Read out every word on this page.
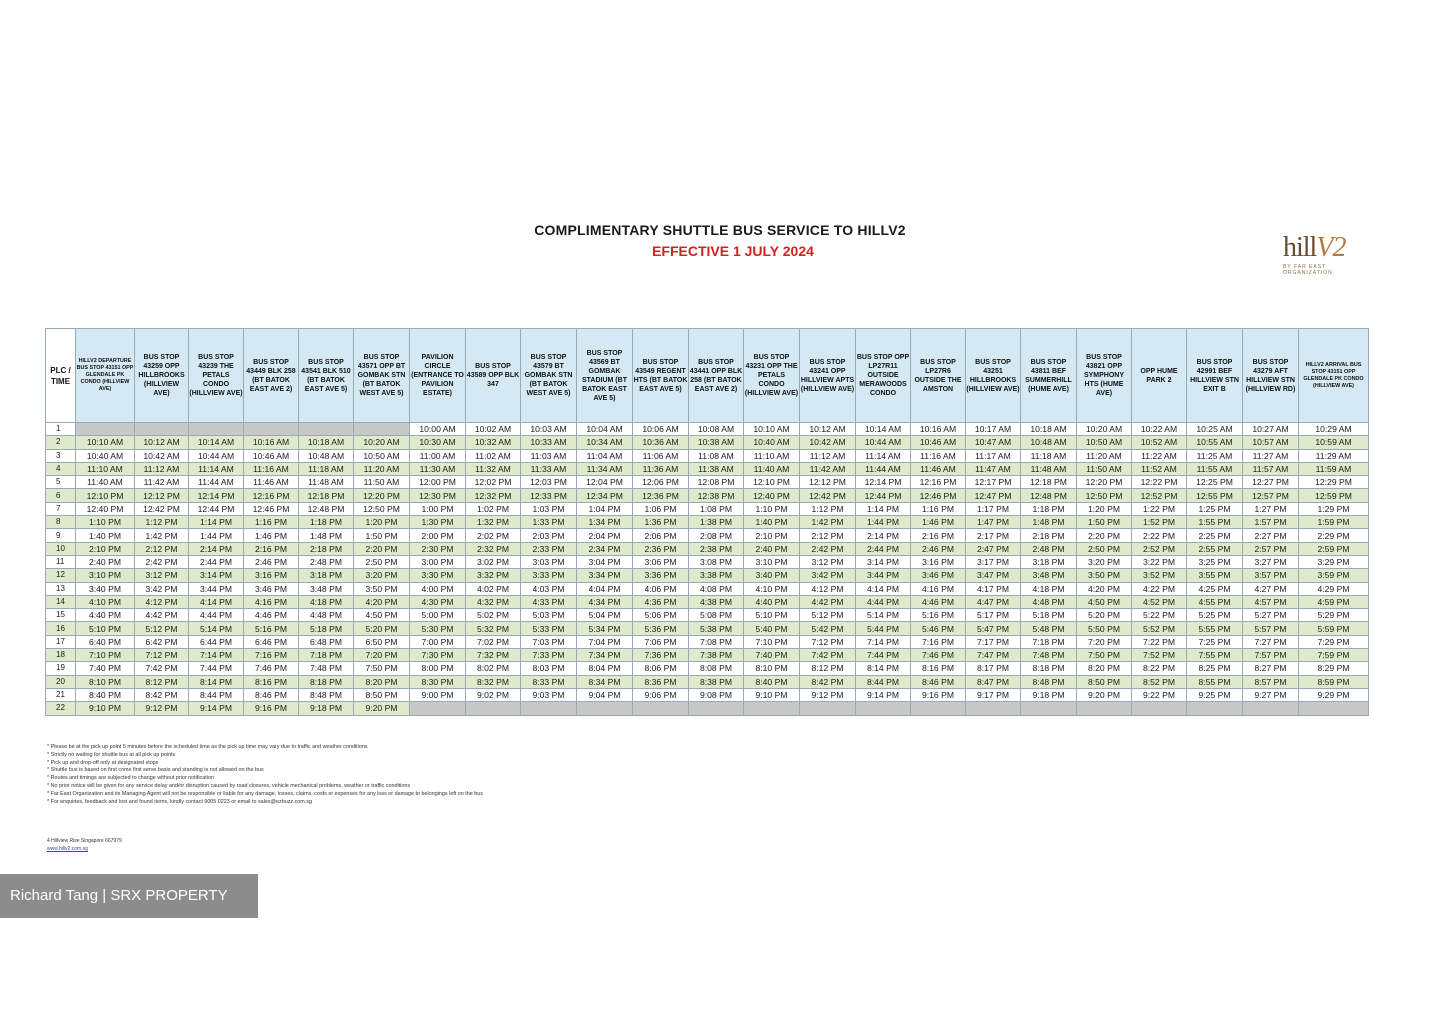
COMPLIMENTARY SHUTTLE BUS SERVICE TO HILLV2
EFFECTIVE 1 JULY 2024	hillV2
BY FAR EAST ORGANIZATION
PLC / TIME	HILLV2 DEPARTURE BUS STOP 43151 OPP GLENDALE PK CONDO (HILLVIEW AVE)	BUS STOP 43259 OPP HILLBROOKS (HILLVIEW AVE)	BUS STOP 43239 THE PETALS CONDO (HILLVIEW AVE)	BUS STOP 43449 BLK 258 (BT BATOK EAST AVE 2)	BUS STOP 43541 BLK 510 (BT BATOK EAST AVE 5)	BUS STOP 43571 OPP BT GOMBAK STN (BT BATOK WEST AVE 5)	PAVILION CIRCLE (ENTRANCE TO PAVILION ESTATE)	BUS STOP 43589 OPP BLK 347	BUS STOP 43579 BT GOMBAK STN (BT BATOK WEST AVE 5)	BUS STOP 43569 BT GOMBAK STADIUM (BT BATOK EAST AVE 5)	BUS STOP 43549 REGENT HTS (BT BATOK EAST AVE 5)	BUS STOP 43441 OPP BLK 258 (BT BATOK EAST AVE 2)	BUS STOP 43231 OPP THE PETALS CONDO (HILLVIEW AVE)	BUS STOP 43241 OPP HILLVIEW APTS (HILLVIEW AVE)	BUS STOP OPP LP27R11 OUTSIDE MERAWOODS CONDO	BUS STOP LP27R6 OUTSIDE THE AMSTON	BUS STOP 43251 HILLBROOKS (HILLVIEW AVE)	BUS STOP 43811 BEF SUMMERHILL (HUME AVE)	BUS STOP 43821 OPP SYMPHONY HTS (HUME AVE)	OPP HUME PARK 2	BUS STOP 42991 BEF HILLVIEW STN EXIT B	BUS STOP 43279 AFT HILLVIEW STN (HILLVIEW RD)	HILLV2 ARRIVAL BUS STOP 43151 OPP GLENDALE PK CONDO (HILLVIEW AVE)
1							10:00 AM	10:02 AM	10:03 AM	10:04 AM	10:06 AM	10:08 AM	10:10 AM	10:12 AM	10:14 AM	10:16 AM	10:17 AM	10:18 AM	10:20 AM	10:22 AM	10:25 AM	10:27 AM	10:29 AM
2	10:10 AM	10:12 AM	10:14 AM	10:16 AM	10:18 AM	10:20 AM	10:30 AM	10:32 AM	10:33 AM	10:34 AM	10:36 AM	10:38 AM	10:40 AM	10:42 AM	10:44 AM	10:46 AM	10:47 AM	10:48 AM	10:50 AM	10:52 AM	10:55 AM	10:57 AM	10:59 AM
3	10:40 AM	10:42 AM	10:44 AM	10:46 AM	10:48 AM	10:50 AM	11:00 AM	11:02 AM	11:03 AM	11:04 AM	11:06 AM	11:08 AM	11:10 AM	11:12 AM	11:14 AM	11:16 AM	11:17 AM	11:18 AM	11:20 AM	11:22 AM	11:25 AM	11:27 AM	11:29 AM
4	11:10 AM	11:12 AM	11:14 AM	11:16 AM	11:18 AM	11:20 AM	11:30 AM	11:32 AM	11:33 AM	11:34 AM	11:36 AM	11:38 AM	11:40 AM	11:42 AM	11:44 AM	11:46 AM	11:47 AM	11:48 AM	11:50 AM	11:52 AM	11:55 AM	11:57 AM	11:59 AM
5	11:40 AM	11:42 AM	11:44 AM	11:46 AM	11:48 AM	11:50 AM	12:00 PM	12:02 PM	12:03 PM	12:04 PM	12:06 PM	12:08 PM	12:10 PM	12:12 PM	12:14 PM	12:16 PM	12:17 PM	12:18 PM	12:20 PM	12:22 PM	12:25 PM	12:27 PM	12:29 PM
6	12:10 PM	12:12 PM	12:14 PM	12:16 PM	12:18 PM	12:20 PM	12:30 PM	12:32 PM	12:33 PM	12:34 PM	12:36 PM	12:38 PM	12:40 PM	12:42 PM	12:44 PM	12:46 PM	12:47 PM	12:48 PM	12:50 PM	12:52 PM	12:55 PM	12:57 PM	12:59 PM
7	12:40 PM	12:42 PM	12:44 PM	12:46 PM	12:48 PM	12:50 PM	1:00 PM	1:02 PM	1:03 PM	1:04 PM	1:06 PM	1:08 PM	1:10 PM	1:12 PM	1:14 PM	1:16 PM	1:17 PM	1:18 PM	1:20 PM	1:22 PM	1:25 PM	1:27 PM	1:29 PM
8	1:10 PM	1:12 PM	1:14 PM	1:16 PM	1:18 PM	1:20 PM	1:30 PM	1:32 PM	1:33 PM	1:34 PM	1:36 PM	1:38 PM	1:40 PM	1:42 PM	1:44 PM	1:46 PM	1:47 PM	1:48 PM	1:50 PM	1:52 PM	1:55 PM	1:57 PM	1:59 PM
9	1:40 PM	1:42 PM	1:44 PM	1:46 PM	1:48 PM	1:50 PM	2:00 PM	2:02 PM	2:03 PM	2:04 PM	2:06 PM	2:08 PM	2:10 PM	2:12 PM	2:14 PM	2:16 PM	2:17 PM	2:18 PM	2:20 PM	2:22 PM	2:25 PM	2:27 PM	2:29 PM
10	2:10 PM	2:12 PM	2:14 PM	2:16 PM	2:18 PM	2:20 PM	2:30 PM	2:32 PM	2:33 PM	2:34 PM	2:36 PM	2:38 PM	2:40 PM	2:42 PM	2:44 PM	2:46 PM	2:47 PM	2:48 PM	2:50 PM	2:52 PM	2:55 PM	2:57 PM	2:59 PM
11	2:40 PM	2:42 PM	2:44 PM	2:46 PM	2:48 PM	2:50 PM	3:00 PM	3:02 PM	3:03 PM	3:04 PM	3:06 PM	3:08 PM	3:10 PM	3:12 PM	3:14 PM	3:16 PM	3:17 PM	3:18 PM	3:20 PM	3:22 PM	3:25 PM	3:27 PM	3:29 PM
12	3:10 PM	3:12 PM	3:14 PM	3:16 PM	3:18 PM	3:20 PM	3:30 PM	3:32 PM	3:33 PM	3:34 PM	3:36 PM	3:38 PM	3:40 PM	3:42 PM	3:44 PM	3:46 PM	3:47 PM	3:48 PM	3:50 PM	3:52 PM	3:55 PM	3:57 PM	3:59 PM
13	3:40 PM	3:42 PM	3:44 PM	3:46 PM	3:48 PM	3:50 PM	4:00 PM	4:02 PM	4:03 PM	4:04 PM	4:06 PM	4:08 PM	4:10 PM	4:12 PM	4:14 PM	4:16 PM	4:17 PM	4:18 PM	4:20 PM	4:22 PM	4:25 PM	4:27 PM	4:29 PM
14	4:10 PM	4:12 PM	4:14 PM	4:16 PM	4:18 PM	4:20 PM	4:30 PM	4:32 PM	4:33 PM	4:34 PM	4:36 PM	4:38 PM	4:40 PM	4:42 PM	4:44 PM	4:46 PM	4:47 PM	4:48 PM	4:50 PM	4:52 PM	4:55 PM	4:57 PM	4:59 PM
15	4:40 PM	4:42 PM	4:44 PM	4:46 PM	4:48 PM	4:50 PM	5:00 PM	5:02 PM	5:03 PM	5:04 PM	5:06 PM	5:08 PM	5:10 PM	5:12 PM	5:14 PM	5:16 PM	5:17 PM	5:18 PM	5:20 PM	5:22 PM	5:25 PM	5:27 PM	5:29 PM
16	5:10 PM	5:12 PM	5:14 PM	5:16 PM	5:18 PM	5:20 PM	5:30 PM	5:32 PM	5:33 PM	5:34 PM	5:36 PM	5:38 PM	5:40 PM	5:42 PM	5:44 PM	5:46 PM	5:47 PM	5:48 PM	5:50 PM	5:52 PM	5:55 PM	5:57 PM	5:59 PM
17	6:40 PM	6:42 PM	6:44 PM	6:46 PM	6:48 PM	6:50 PM	7:00 PM	7:02 PM	7:03 PM	7:04 PM	7:06 PM	7:08 PM	7:10 PM	7:12 PM	7:14 PM	7:16 PM	7:17 PM	7:18 PM	7:20 PM	7:22 PM	7:25 PM	7:27 PM	7:29 PM
18	7:10 PM	7:12 PM	7:14 PM	7:16 PM	7:18 PM	7:20 PM	7:30 PM	7:32 PM	7:33 PM	7:34 PM	7:36 PM	7:38 PM	7:40 PM	7:42 PM	7:44 PM	7:46 PM	7:47 PM	7:48 PM	7:50 PM	7:52 PM	7:55 PM	7:57 PM	7:59 PM
19	7:40 PM	7:42 PM	7:44 PM	7:46 PM	7:48 PM	7:50 PM	8:00 PM	8:02 PM	8:03 PM	8:04 PM	8:06 PM	8:08 PM	8:10 PM	8:12 PM	8:14 PM	8:16 PM	8:17 PM	8:18 PM	8:20 PM	8:22 PM	8:25 PM	8:27 PM	8:29 PM
20	8:10 PM	8:12 PM	8:14 PM	8:16 PM	8:18 PM	8:20 PM	8:30 PM	8:32 PM	8:33 PM	8:34 PM	8:36 PM	8:38 PM	8:40 PM	8:42 PM	8:44 PM	8:46 PM	8:47 PM	8:48 PM	8:50 PM	8:52 PM	8:55 PM	8:57 PM	8:59 PM
21	8:40 PM	8:42 PM	8:44 PM	8:46 PM	8:48 PM	8:50 PM	9:00 PM	9:02 PM	9:03 PM	9:04 PM	9:06 PM	9:08 PM	9:10 PM	9:12 PM	9:14 PM	9:16 PM	9:17 PM	9:18 PM	9:20 PM	9:22 PM	9:25 PM	9:27 PM	9:29 PM
22	9:10 PM	9:12 PM	9:14 PM	9:16 PM	9:18 PM	9:20 PM																	
* Please be at the pick up point 5 minutes before the scheduled time as the pick up time may vary due to traffic and weather conditions
* Strictly no waiting for shuttle bus at all pick up points
* Pick up and drop-off only at designated stops
* Shuttle bus is based on first come first serve basis and standing is not allowed on the bus
* Routes and timings are subjected to change without prior notification
* No prior notice will be given for any service delay and/or disruption caused by road closures, vehicle mechanical problems, weather or traffic conditions
* Far East Organization and its Managing Agent will not be responsible or liable for any damage, losses, claims, costs or expenses for any loss or damage to belongings left on the bus
* For enquiries, feedback and lost and found items, kindly contact 9005 0223 or email to sales@ezbuzz.com.sg
4 Hillview Rise Singapore 667979
www.hillv2.com.sg
Richard Tang | SRX PROPERTY
